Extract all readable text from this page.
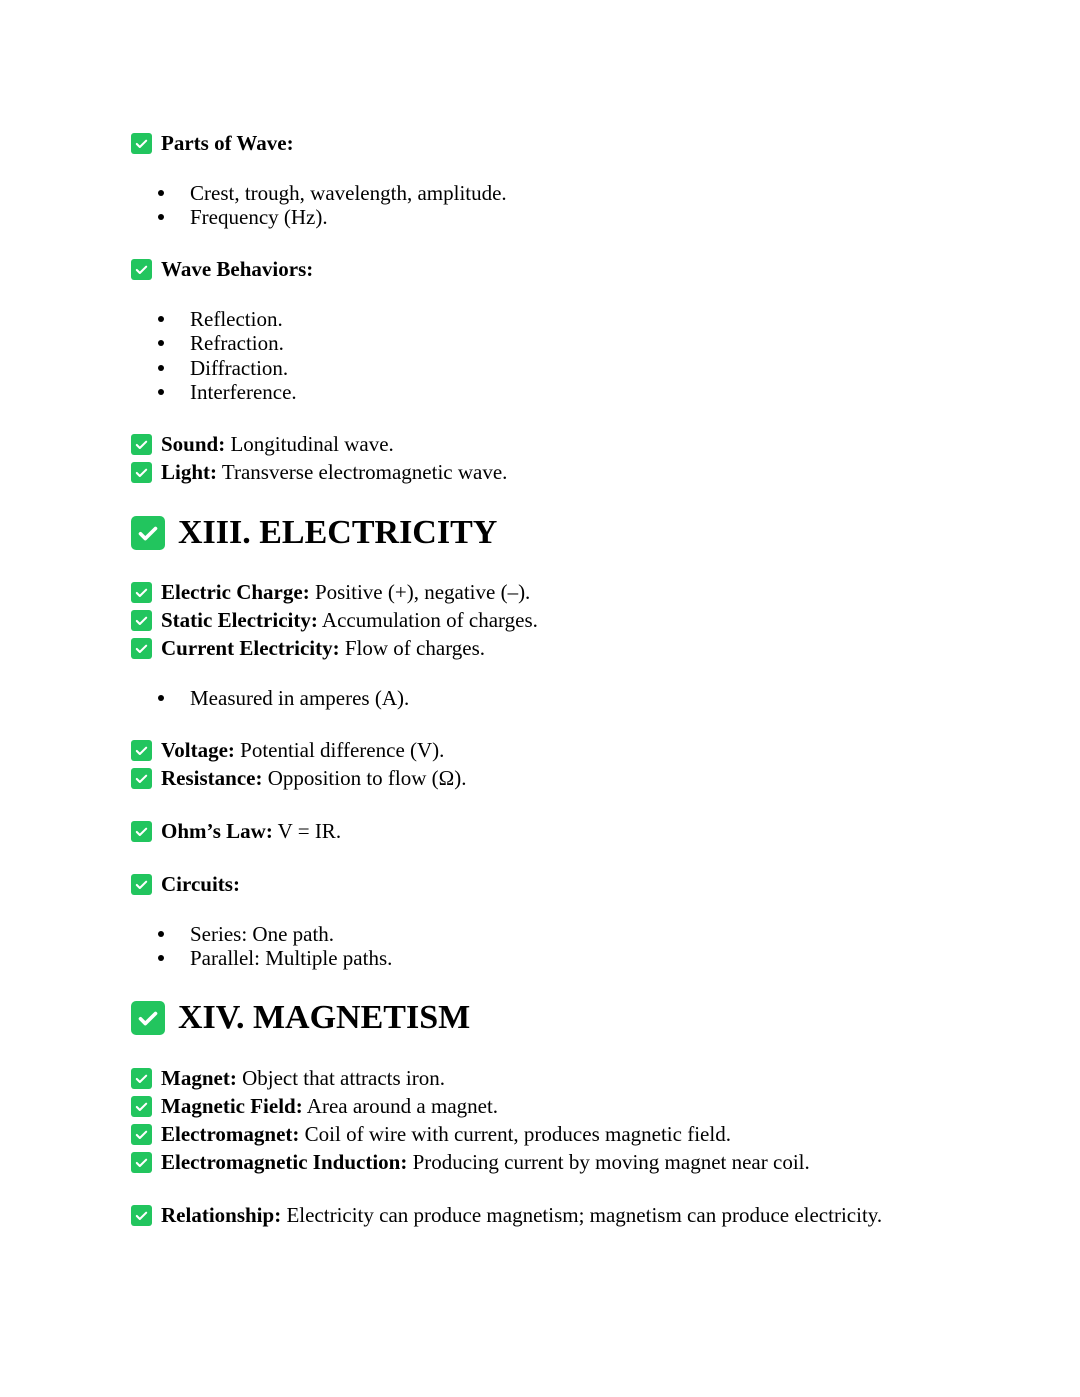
Parts of Wave:
Crest, trough, wavelength, amplitude.
Frequency (Hz).
Wave Behaviors:
Reflection.
Refraction.
Diffraction.
Interference.
Sound: Longitudinal wave.
Light: Transverse electromagnetic wave.
XIII. ELECTRICITY
Electric Charge: Positive (+), negative (–).
Static Electricity: Accumulation of charges.
Current Electricity: Flow of charges.
Measured in amperes (A).
Voltage: Potential difference (V).
Resistance: Opposition to flow (Ω).
Ohm’s Law: V = IR.
Circuits:
Series: One path.
Parallel: Multiple paths.
XIV. MAGNETISM
Magnet: Object that attracts iron.
Magnetic Field: Area around a magnet.
Electromagnet: Coil of wire with current, produces magnetic field.
Electromagnetic Induction: Producing current by moving magnet near coil.
Relationship: Electricity can produce magnetism; magnetism can produce electricity.
